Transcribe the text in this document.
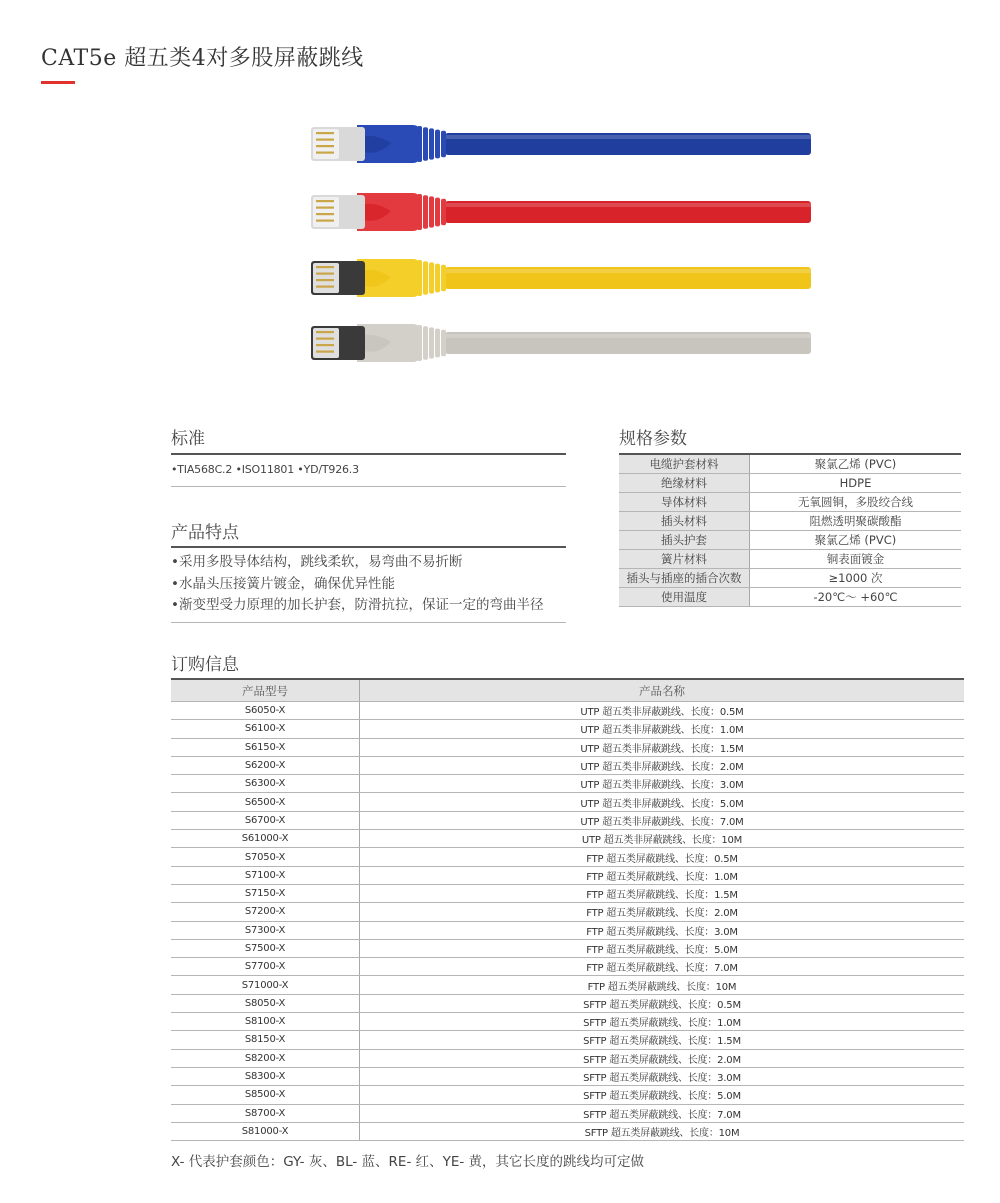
CAT5e 超五类4对多股屏蔽跳线
标准
•TIA568C.2 •ISO11801 •YD/T926.3
产品特点
•采用多股导体结构，跳线柔软，易弯曲不易折断
•水晶头压接簧片镀金，确保优异性能
•渐变型受力原理的加长护套，防滑抗拉，保证一定的弯曲半径
规格参数
电缆护套材料	聚氯乙烯 (PVC)
绝缘材料	HDPE
导体材料	无氧圆铜，多股绞合线
插头材料	阻燃透明聚碳酸酯
插头护套	聚氯乙烯 (PVC)
簧片材料	铜表面镀金
插头与插座的插合次数	≥1000 次
使用温度	-20℃～ +60℃
订购信息
产品型号	产品名称
S6050-X	UTP 超五类非屏蔽跳线、长度：0.5M
S6100-X	UTP 超五类非屏蔽跳线、长度：1.0M
S6150-X	UTP 超五类非屏蔽跳线、长度：1.5M
S6200-X	UTP 超五类非屏蔽跳线、长度：2.0M
S6300-X	UTP 超五类非屏蔽跳线、长度：3.0M
S6500-X	UTP 超五类非屏蔽跳线、长度：5.0M
S6700-X	UTP 超五类非屏蔽跳线、长度：7.0M
S61000-X	UTP 超五类非屏蔽跳线、长度：10M
S7050-X	FTP 超五类屏蔽跳线、长度：0.5M
S7100-X	FTP 超五类屏蔽跳线、长度：1.0M
S7150-X	FTP 超五类屏蔽跳线、长度：1.5M
S7200-X	FTP 超五类屏蔽跳线、长度：2.0M
S7300-X	FTP 超五类屏蔽跳线、长度：3.0M
S7500-X	FTP 超五类屏蔽跳线、长度：5.0M
S7700-X	FTP 超五类屏蔽跳线、长度：7.0M
S71000-X	FTP 超五类屏蔽跳线、长度：10M
S8050-X	SFTP 超五类屏蔽跳线、长度：0.5M
S8100-X	SFTP 超五类屏蔽跳线、长度：1.0M
S8150-X	SFTP 超五类屏蔽跳线、长度：1.5M
S8200-X	SFTP 超五类屏蔽跳线、长度：2.0M
S8300-X	SFTP 超五类屏蔽跳线、长度：3.0M
S8500-X	SFTP 超五类屏蔽跳线、长度：5.0M
S8700-X	SFTP 超五类屏蔽跳线、长度：7.0M
S81000-X	SFTP 超五类屏蔽跳线、长度：10M
X- 代表护套颜色：GY- 灰、BL- 蓝、RE- 红、YE- 黄，其它长度的跳线均可定做
